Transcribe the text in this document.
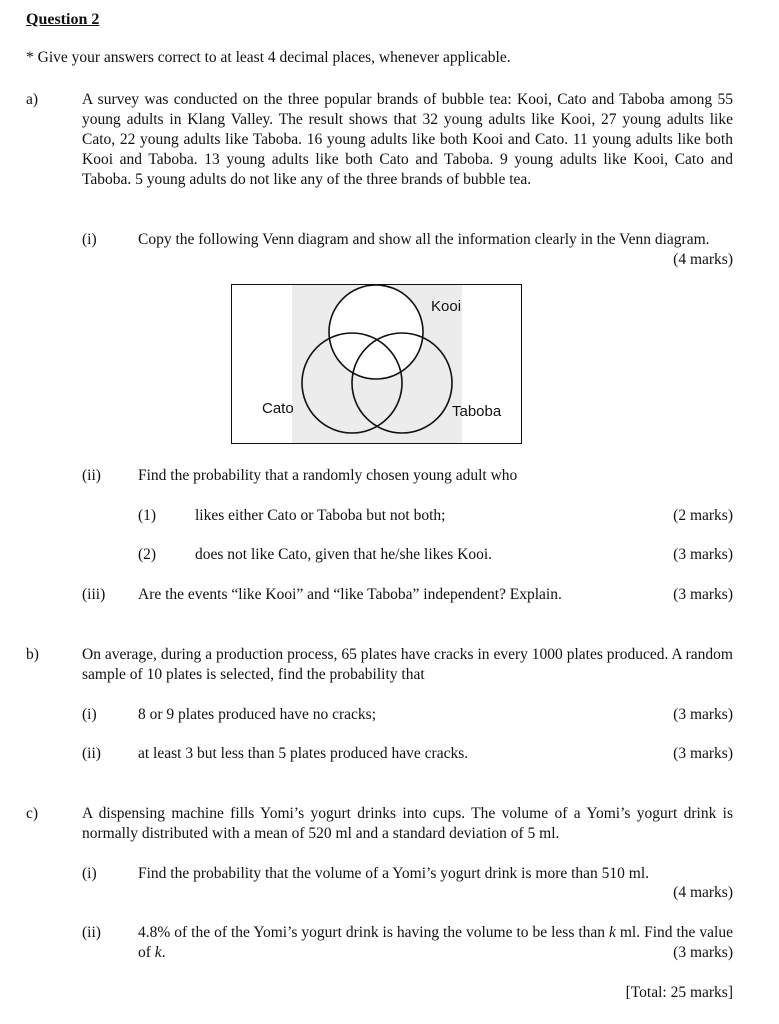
Question 2
* Give your answers correct to at least 4 decimal places, whenever applicable.
a)	A survey was conducted on the three popular brands of bubble tea: Kooi, Cato and Taboba among 55 young adults in Klang Valley. The result shows that 32 young adults like Kooi, 27 young adults like Cato, 22 young adults like Taboba. 16 young adults like both Kooi and Cato. 11 young adults like both Kooi and Taboba. 13 young adults like both Cato and Taboba. 9 young adults like Kooi, Cato and Taboba. 5 young adults do not like any of the three brands of bubble tea.
(i)	Copy the following Venn diagram and show all the information clearly in the Venn diagram.
(4 marks)
Kooi
Cato	Taboba
(ii) Find the probability that a randomly chosen young adult who
(1)	likes either Cato or Taboba but not both;	(2 marks)
(2)	does not like Cato, given that he/she likes Kooi.	(3 marks)
(iii) Are the events “like Kooi” and “like Taboba” independent? Explain.	(3 marks)
b)	On average, during a production process, 65 plates have cracks in every 1000 plates produced. A random sample of 10 plates is selected, find the probability that
(i)	8 or 9 plates produced have no cracks;	(3 marks)
(ii) at least 3 but less than 5 plates produced have cracks.	(3 marks)
c)	A dispensing machine fills Yomi’s yogurt drinks into cups. The volume of a Yomi’s yogurt drink is normally distributed with a mean of 520 ml and a standard deviation of 5 ml.
(i)	Find the probability that the volume of a Yomi’s yogurt drink is more than 510 ml.
(4 marks)
(ii) 4.8% of the of the Yomi’s yogurt drink is having the volume to be less than k ml. Find the value of k.	(3 marks)
[Total: 25 marks]
